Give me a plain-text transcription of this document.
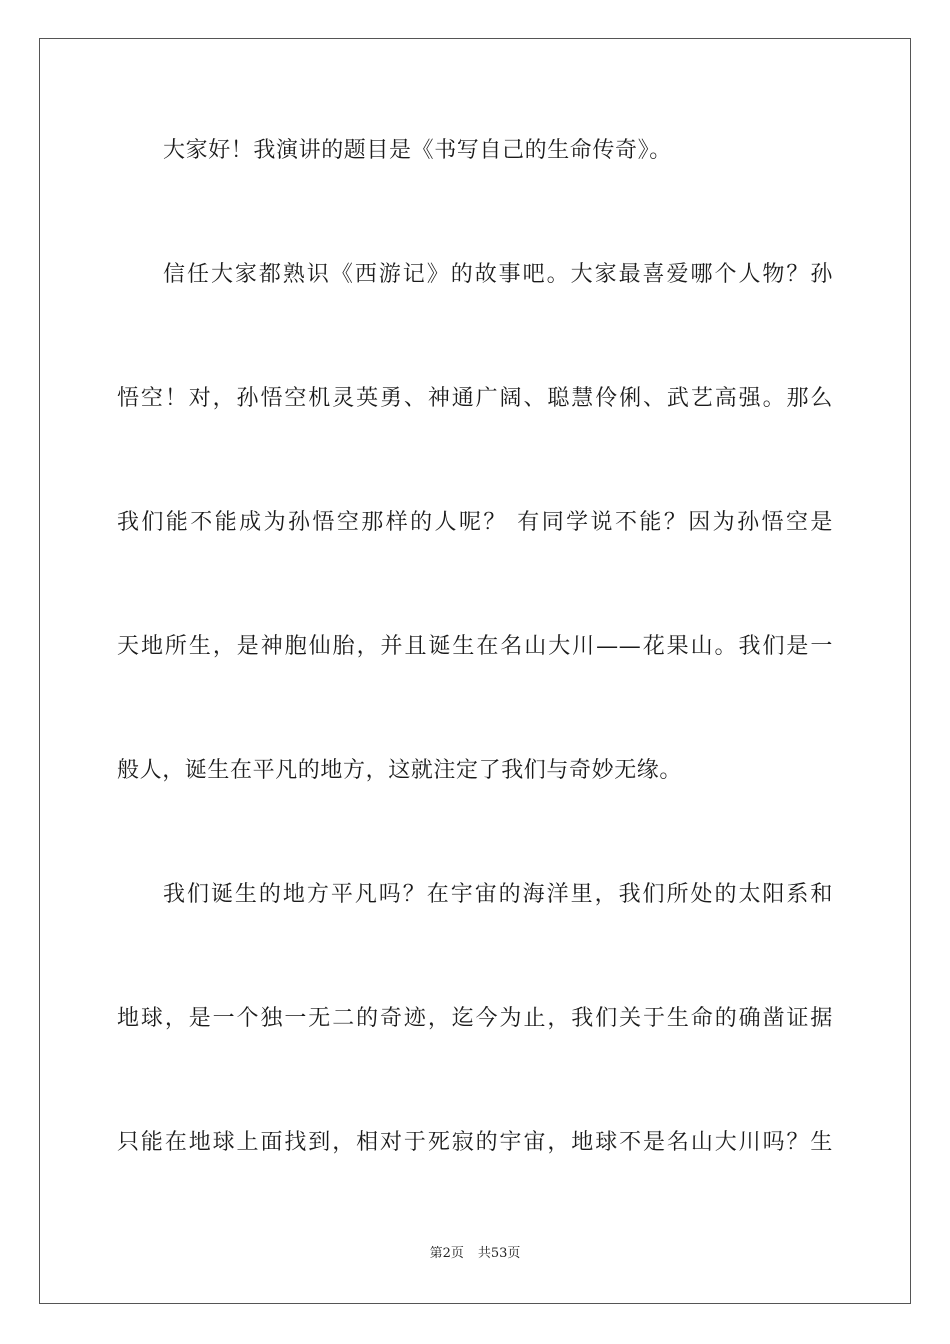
大家好！我演讲的题目是《书写自己的生命传奇》。
信任大家都熟识《西游记》的故事吧。大家最喜爱哪个人物？孙
悟空！对，孙悟空机灵英勇、神通广阔、聪慧伶俐、武艺高强。那么
我们能不能成为孙悟空那样的人呢？ 有同学说不能？因为孙悟空是
天地所生，是神胞仙胎，并且诞生在名山大川——花果山。我们是一
般人，诞生在平凡的地方，这就注定了我们与奇妙无缘。
我们诞生的地方平凡吗？在宇宙的海洋里，我们所处的太阳系和
地球，是一个独一无二的奇迹，迄今为止，我们关于生命的确凿证据
只能在地球上面找到，相对于死寂的宇宙，地球不是名山大川吗？生
第2页 共53页
